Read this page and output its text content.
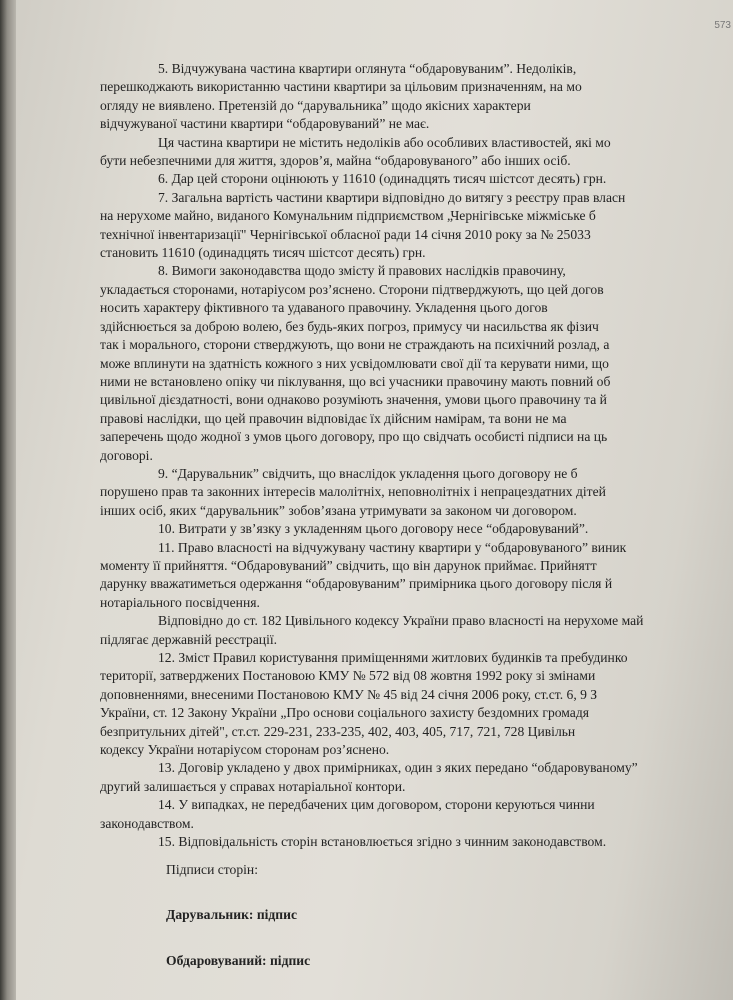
573

5. Відчужувана частина квартири оглянута “обдаровуваним”. Недоліків,

перешкоджають використанню частини квартири за цільовим призначенням, на мо

огляду не виявлено. Претензій до “дарувальника” щодо якісних характери

відчужуваної частини квартири “обдаровуваний” не має.

Ця частина квартири не містить недоліків або особливих властивостей, які мо

бути небезпечними для життя, здоров’я, майна “обдаровуваного” або інших осіб.

6. Дар цей сторони оцінюють у 11610 (одинадцять тисяч шістсот десять) грн.

7. Загальна вартість частини квартири відповідно до витягу з реєстру прав власн

на нерухоме майно, виданого Комунальним підприємством „Чернігівське міжміське б

технічної інвентаризації" Чернігівської обласної ради 14 січня 2010 року за № 25033

становить 11610 (одинадцять тисяч шістсот десять) грн.

8. Вимоги законодавства щодо змісту й правових наслідків правочину,

укладається сторонами, нотаріусом роз’яснено. Сторони підтверджують, що цей догов

носить характеру фіктивного та удаваного правочину. Укладення цього догов

здійснюється за доброю волею, без будь-яких погроз, примусу чи насильства як фізич

так і морального, сторони стверджують, що вони не страждають на психічний розлад, а

може вплинути на здатність кожного з них усвідомлювати свої дії та керувати ними, що

ними не встановлено опіку чи піклування, що всі учасники правочину мають повний об

цивільної дієздатності, вони однаково розуміють значення, умови цього правочину та й

правові наслідки, що цей правочин відповідає їх дійсним намірам, та вони не ма

заперечень щодо жодної з умов цього договору, про що свідчать особисті підписи на ць

договорі.

9. “Дарувальник” свідчить, що внаслідок укладення цього договору не б

порушено прав та законних інтересів малолітніх, неповнолітніх і непрацездатних дітей

інших осіб, яких “дарувальник” зобов’язана утримувати за законом чи договором.

10. Витрати у зв’язку з укладенням цього договору несе “обдаровуваний”.

11. Право власності на відчужувану частину квартири у “обдаровуваного” виник

моменту її прийняття. “Обдаровуваний” свідчить, що він дарунок приймає. Прийнятт

дарунку вважатиметься одержання “обдаровуваним” примірника цього договору після й

нотаріального посвідчення.

Відповідно до ст. 182 Цивільного кодексу України право власності на нерухоме май

підлягає державній реєстрації.

12. Зміст Правил користування приміщеннями житлових будинків та пребудинко

території, затверджених Постановою КМУ № 572 від 08 жовтня 1992 року зі змінами

доповненнями, внесеними Постановою КМУ № 45 від 24 січня 2006 року, ст.ст. 6, 9 З

України, ст. 12 Закону України „Про основи соціального захисту бездомних громадя

безпритульних дітей", ст.ст. 229-231, 233-235, 402, 403, 405, 717, 721, 728 Цивільн

кодексу України нотаріусом сторонам роз’яснено.

13. Договір укладено у двох примірниках, один з яких передано “обдаровуваному”

другий залишається у справах нотаріальної контори.

14. У випадках, не передбачених цим договором, сторони керуються чинни

законодавством.

15. Відповідальність сторін встановлюється згідно з чинним законодавством.

Підписи сторін:

Дарувальник: підпис

Обдаровуваний: підпис
